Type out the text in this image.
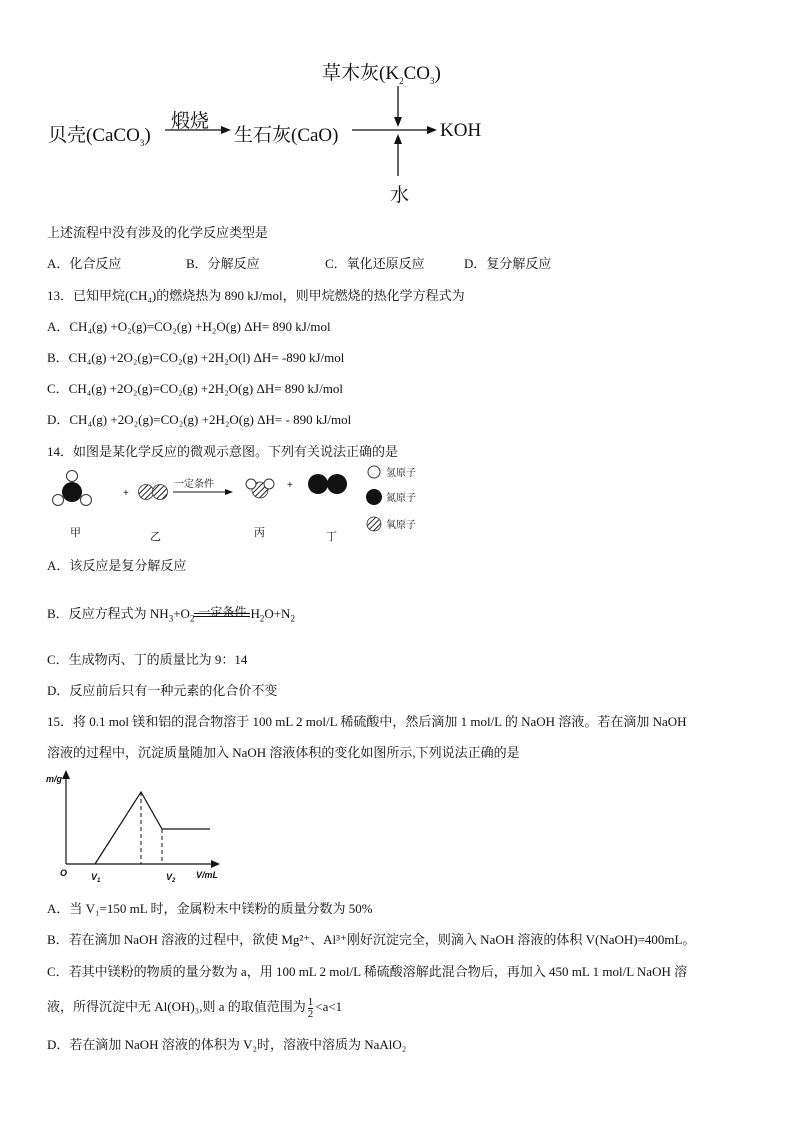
草木灰$(K_2CO_3)$
贝壳(CaCO$_3$)
煅烧
生石灰(CaO)	KOH
水
上述流程中没有涉及的化学反应类型是
A．化合反应	B．分解反应	C．氧化还原反应	D．复分解反应
13．已知甲烷(CH₄)的燃烧热为 890 kJ/mol，则甲烷燃烧的热化学方程式为
A．CH₄(g) +O₂(g)=CO₂(g) +H₂O(g) ΔH= 890 kJ/mol
B．CH₄(g) +2O₂(g)=CO₂(g) +2H₂O(l) ΔH= -890 kJ/mol
C．CH₄(g) +2O₂(g)=CO₂(g) +2H₂O(g) ΔH= 890 kJ/mol
D．CH₄(g) +2O₂(g)=CO₂(g) +2H₂O(g) ΔH= - 890 kJ/mol
14．如图是某化学反应的微观示意图。下列有关说法正确的是
+
一定条件	+
甲	乙	丙	丁
氢原子
氮原子
氧原子
A．该反应是复分解反应
B．反应方程式为 $NH_3+O_2$ 一定条件 $H_2O+N_2$
C．生成物丙、丁的质量比为 9：14
D．反应前后只有一种元素的化合价不变
15．将 0.1 mol 镁和铝的混合物溶于 100 mL 2 mol/L 稀硫酸中，然后滴加 1 mol/L 的 NaOH 溶液。若在滴加 NaOH
溶液的过程中，沉淀质量随加入 NaOH 溶液体积的变化如图所示,下列说法正确的是
m/g
O	$V_1$	$V_2$
V/mL
A．当 V₁=150 mL 时，金属粉末中镁粉的质量分数为 50%
B．若在滴加 NaOH 溶液的过程中，欲使 Mg²⁺、Al³⁺刚好沉淀完全，则滴入 NaOH 溶液的体积 V(NaOH)=400mL。
C．若其中镁粉的物质的量分数为 a，用 100 mL 2 mol/L 稀硫酸溶解此混合物后，再加入 450 mL 1 mol/L NaOH 溶
液，所得沉淀中无 Al(OH)₃,则 a 的取值范围为 $\frac{1}{2} <a<1$
D．若在滴加 NaOH 溶液的体积为 V₂时，溶液中溶质为 NaAlO₂
